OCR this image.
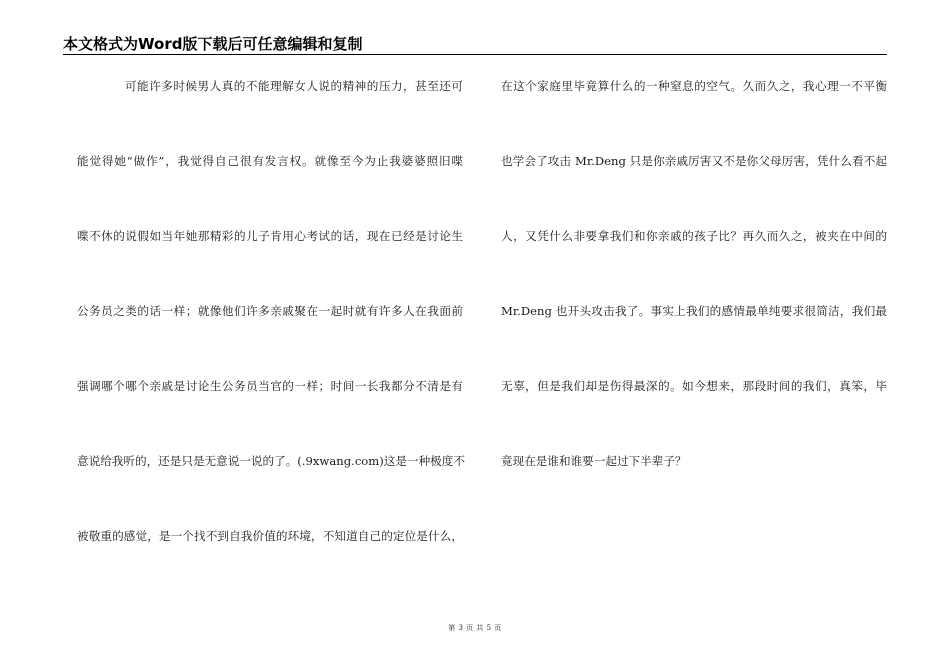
本文格式为Word版下载后可任意编辑和复制
可能许多时候男人真的不能理解女人说的精神的压力，甚至还可
能觉得她“做作”，我觉得自己很有发言权。就像至今为止我婆婆照旧喋
喋不休的说假如当年她那精彩的儿子肯用心考试的话，现在已经是讨论生
公务员之类的话一样；就像他们许多亲戚聚在一起时就有许多人在我面前
强调哪个哪个亲戚是讨论生公务员当官的一样；时间一长我都分不清是有
意说给我听的，还是只是无意说一说的了。(.9xwang.com)这是一种极度不
被敬重的感觉，是一个找不到自我价值的环境，不知道自己的定位是什么，
在这个家庭里毕竟算什么的一种窒息的空气。久而久之，我心理一不平衡
也学会了攻击 Mr.Deng 只是你亲戚厉害又不是你父母厉害，凭什么看不起
人，又凭什么非要拿我们和你亲戚的孩子比？再久而久之，被夹在中间的
Mr.Deng 也开头攻击我了。事实上我们的感情最单纯要求很简洁，我们最
无辜，但是我们却是伤得最深的。如今想来，那段时间的我们，真笨，毕
竟现在是谁和谁要一起过下半辈子？
第 3 页 共 5 页
